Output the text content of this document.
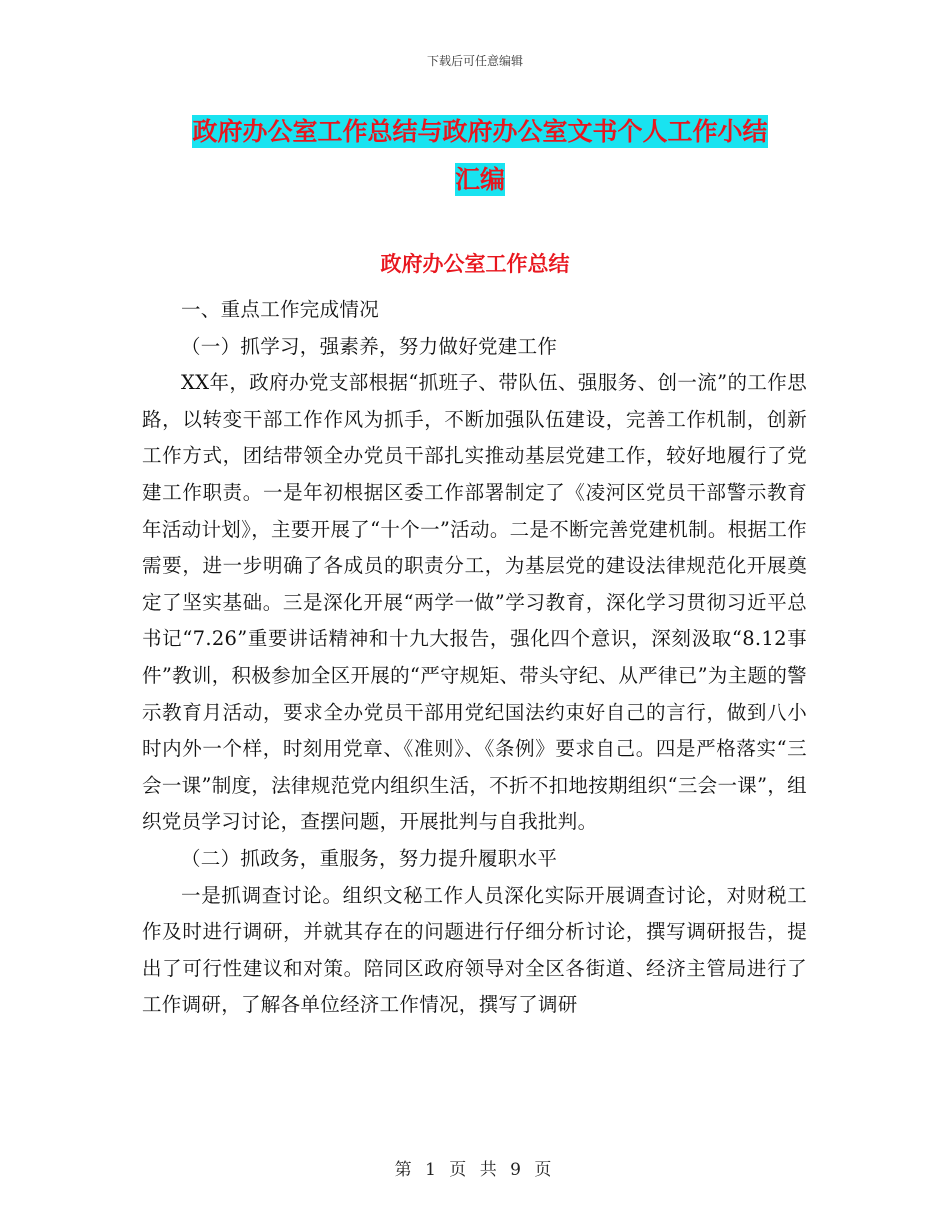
下载后可任意编辑
政府办公室工作总结与政府办公室文书个人工作小结
汇编
政府办公室工作总结

一、重点工作完成情况

（一）抓学习，强素养，努力做好党建工作

XX年，政府办党支部根据“抓班子、带队伍、强服务、创一流”的工作思路，以转变干部工作作风为抓手，不断加强队伍建设，完善工作机制，创新工作方式，团结带领全办党员干部扎实推动基层党建工作，较好地履行了党建工作职责。一是年初根据区委工作部署制定了《凌河区党员干部警示教育年活动计划》，主要开展了“十个一”活动。二是不断完善党建机制。根据工作需要，进一步明确了各成员的职责分工，为基层党的建设法律规范化开展奠定了坚实基础。三是深化开展“两学一做”学习教育，深化学习贯彻习近平总书记“7.26”重要讲话精神和十九大报告，强化四个意识，深刻汲取“8.12事件”教训，积极参加全区开展的“严守规矩、带头守纪、从严律已”为主题的警示教育月活动，要求全办党员干部用党纪国法约束好自己的言行，做到八小时内外一个样，时刻用党章、《准则》、《条例》要求自己。四是严格落实“三会一课”制度，法律规范党内组织生活，不折不扣地按期组织“三会一课”，组织党员学习讨论，查摆问题，开展批判与自我批判。

（二）抓政务，重服务，努力提升履职水平

一是抓调查讨论。组织文秘工作人员深化实际开展调查讨论，对财税工作及时进行调研，并就其存在的问题进行仔细分析讨论，撰写调研报告，提出了可行性建议和对策。陪同区政府领导对全区各街道、经济主管局进行了工作调研，了解各单位经济工作情况，撰写了调研

第 1 页 共 9 页
